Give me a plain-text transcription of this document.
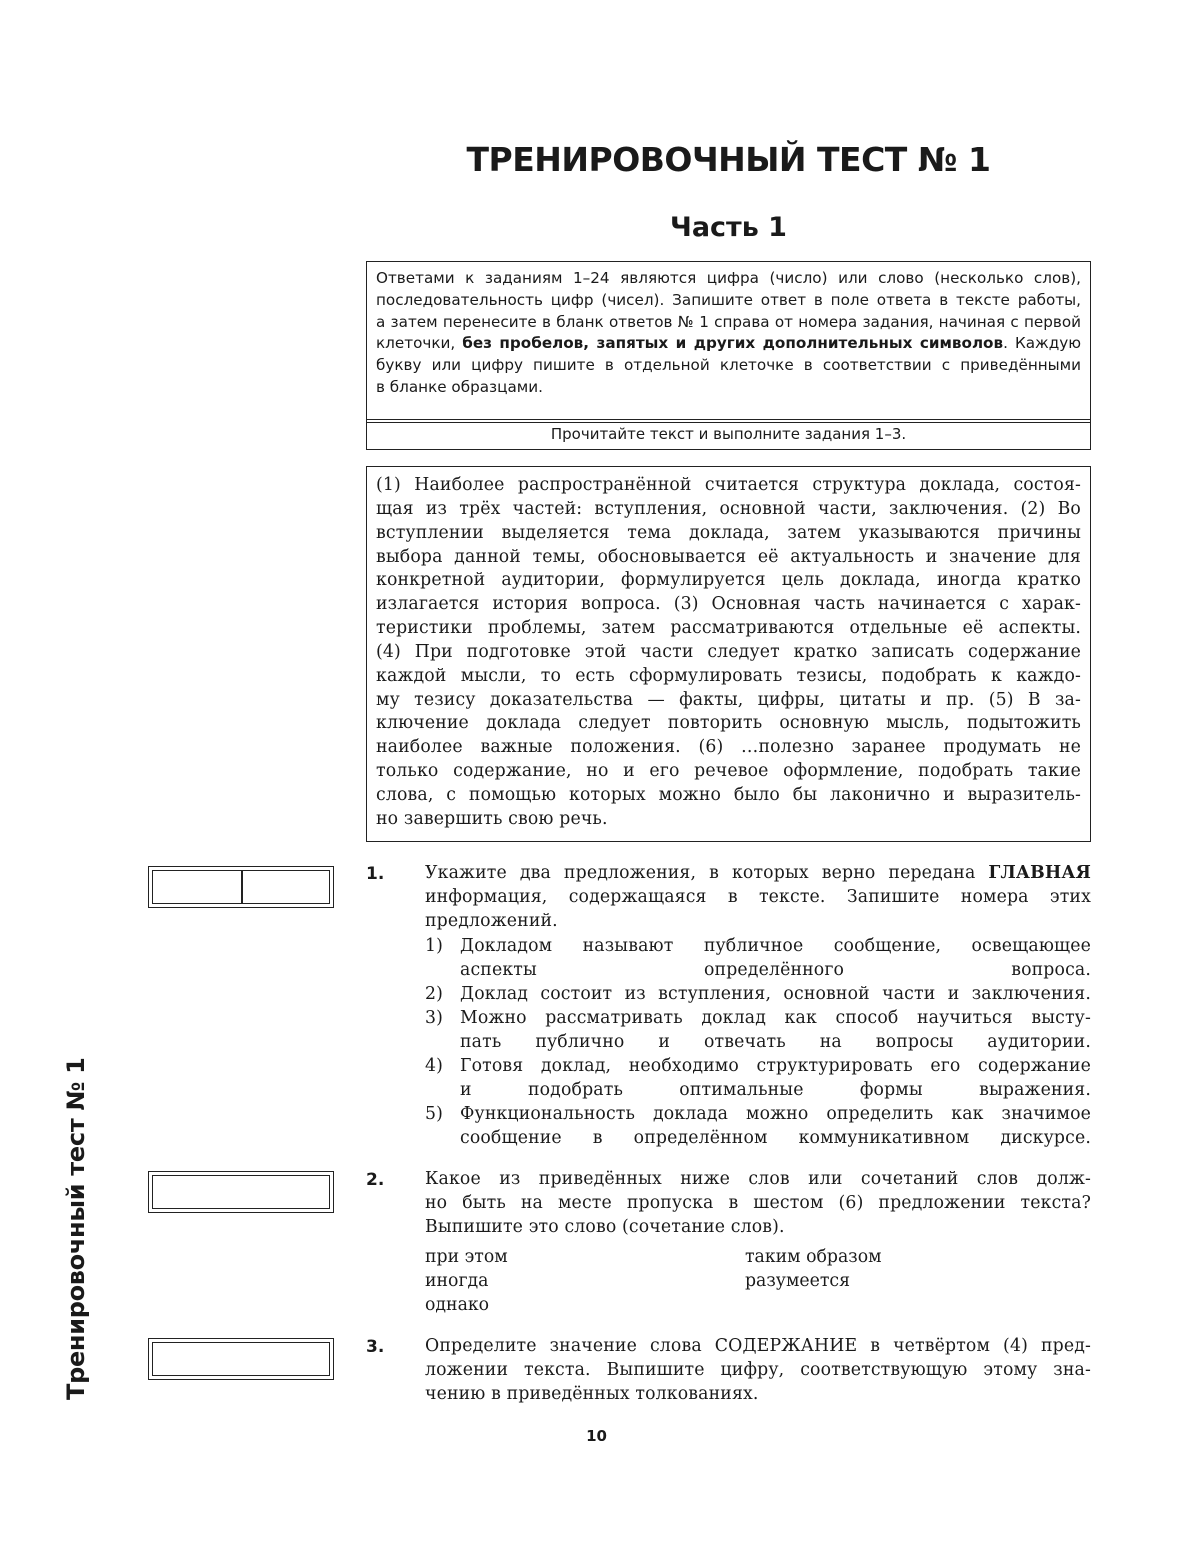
ТРЕНИРОВОЧНЫЙ ТЕСТ № 1
Часть 1
Ответами к заданиям 1–24 являются цифра (число) или слово (несколько слов),
последовательность цифр (чисел). Запишите ответ в поле ответа в тексте работы,
а затем перенесите в бланк ответов № 1 справа от номера задания, начиная с первой
клеточки, без пробелов, запятых и других дополнительных символов. Каждую
букву или цифру пишите в отдельной клеточке в соответствии с приведёнными
в бланке образцами.
Прочитайте текст и выполните задания 1–3.
(1) Наиболее распространённой считается структура доклада, состоя-
щая из трёх частей: вступления, основной части, заключения. (2) Во
вступлении выделяется тема доклада, затем указываются причины
выбора данной темы, обосновывается её актуальность и значение для
конкретной аудитории, формулируется цель доклада, иногда кратко
излагается история вопроса. (3) Основная часть начинается с харак-
теристики проблемы, затем рассматриваются отдельные её аспекты.
(4) При подготовке этой части следует кратко записать содержание
каждой мысли, то есть сформулировать тезисы, подобрать к каждо-
му тезису доказательства — факты, цифры, цитаты и пр. (5) В за-
ключение доклада следует повторить основную мысль, подытожить
наиболее важные положения. (6) …полезно заранее продумать не
только содержание, но и его речевое оформление, подобрать такие
слова, с помощью которых можно было бы лаконично и выразитель-
но завершить свою речь.
1. Укажите два предложения, в которых верно передана ГЛАВНАЯ
информация, содержащаяся в тексте. Запишите номера этих
предложений.
1) Докладом называют публичное сообщение, освещающее
аспекты определённого вопроса.
2) Доклад состоит из вступления, основной части и заключения.
3) Можно рассматривать доклад как способ научиться высту-
пать публично и отвечать на вопросы аудитории.
4) Готовя доклад, необходимо структурировать его содержание
и подобрать оптимальные формы выражения.
5) Функциональность доклада можно определить как значимое
сообщение в определённом коммуникативном дискурсе.
2. Какое из приведённых ниже слов или сочетаний слов долж-
но быть на месте пропуска в шестом (6) предложении текста?
Выпишите это слово (сочетание слов).
при этом
иногда
однако
таким образом
разумеется
3. Определите значение слова СОДЕРЖАНИЕ в четвёртом (4) пред-
ложении текста. Выпишите цифру, соответствующую этому зна-
чению в приведённых толкованиях.
Тренировочный тест № 1
10
